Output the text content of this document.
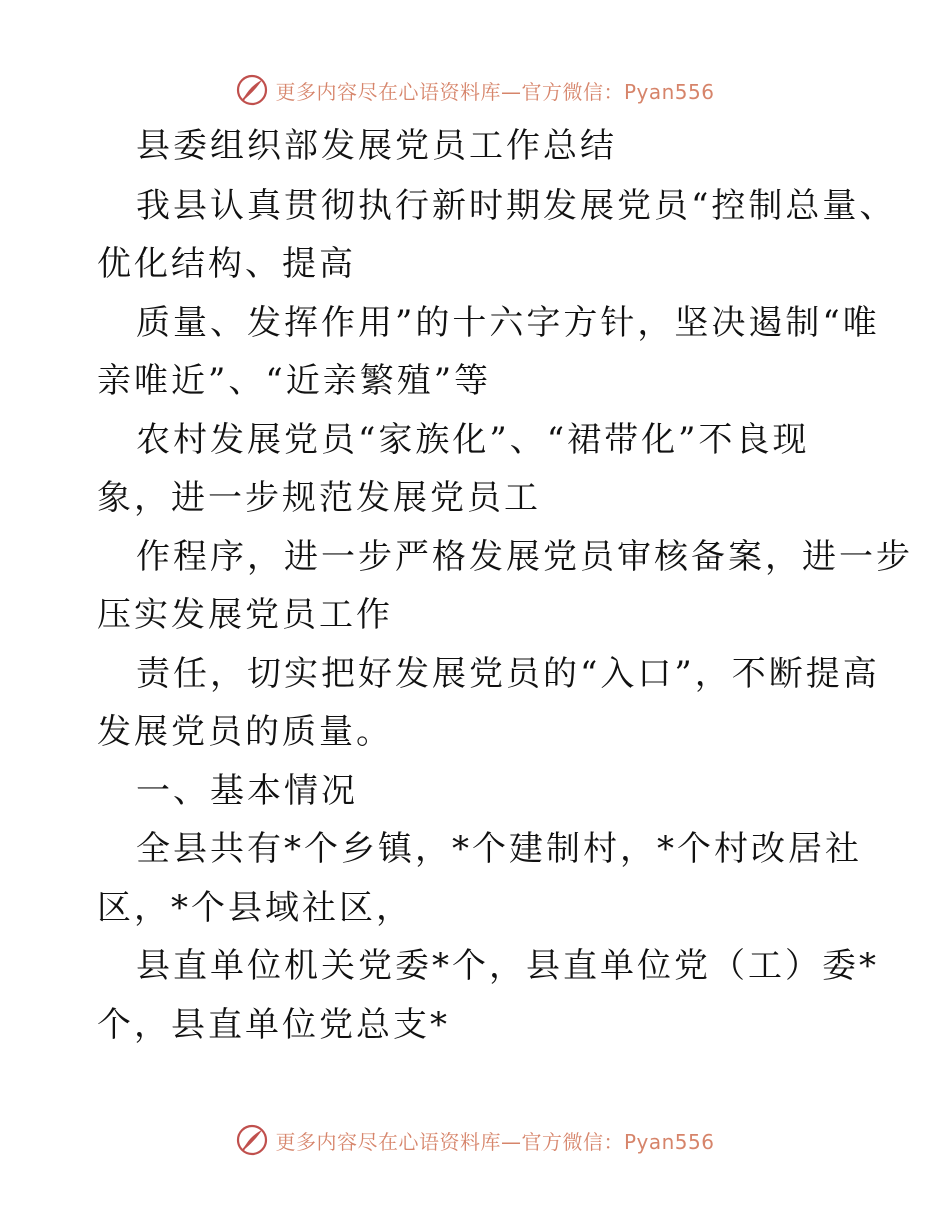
更多内容尽在心语资料库—官方微信：Pyan556
县委组织部发展党员工作总结
我县认真贯彻执行新时期发展党员“控制总量、
优化结构、提高
质量、发挥作用”的十六字方针，坚决遏制“唯
亲唯近”、“近亲繁殖”等
农村发展党员“家族化”、“裙带化”不良现
象，进一步规范发展党员工
作程序，进一步严格发展党员审核备案，进一步
压实发展党员工作
责任，切实把好发展党员的“入口”，不断提高
发展党员的质量。
一、基本情况
全县共有*个乡镇，*个建制村，*个村改居社
区，*个县域社区，
县直单位机关党委*个，县直单位党（工）委*
个，县直单位党总支*
更多内容尽在心语资料库—官方微信：Pyan556
